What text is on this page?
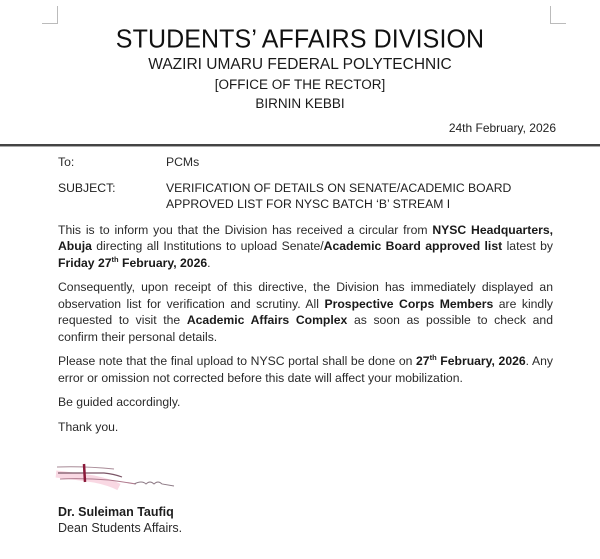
STUDENTS’ AFFAIRS DIVISION
WAZIRI UMARU FEDERAL POLYTECHNIC
[OFFICE OF THE RECTOR]
BIRNIN KEBBI
24th February, 2026
To:	PCMs
SUBJECT:	VERIFICATION OF DETAILS ON SENATE/ACADEMIC BOARD
APPROVED LIST FOR NYSC BATCH ‘B’ STREAM I

This is to inform you that the Division has received a circular from NYSC Headquarters, Abuja directing all Institutions to upload Senate/Academic Board approved list latest by Friday 27th February, 2026.

Consequently, upon receipt of this directive, the Division has immediately displayed an observation list for verification and scrutiny. All Prospective Corps Members are kindly requested to visit the Academic Affairs Complex as soon as possible to check and confirm their personal details.

Please note that the final upload to NYSC portal shall be done on 27th February, 2026. Any error or omission not corrected before this date will affect your mobilization.

Be guided accordingly.

Thank you.

Dr. Suleiman Taufiq
Dean Students Affairs.
